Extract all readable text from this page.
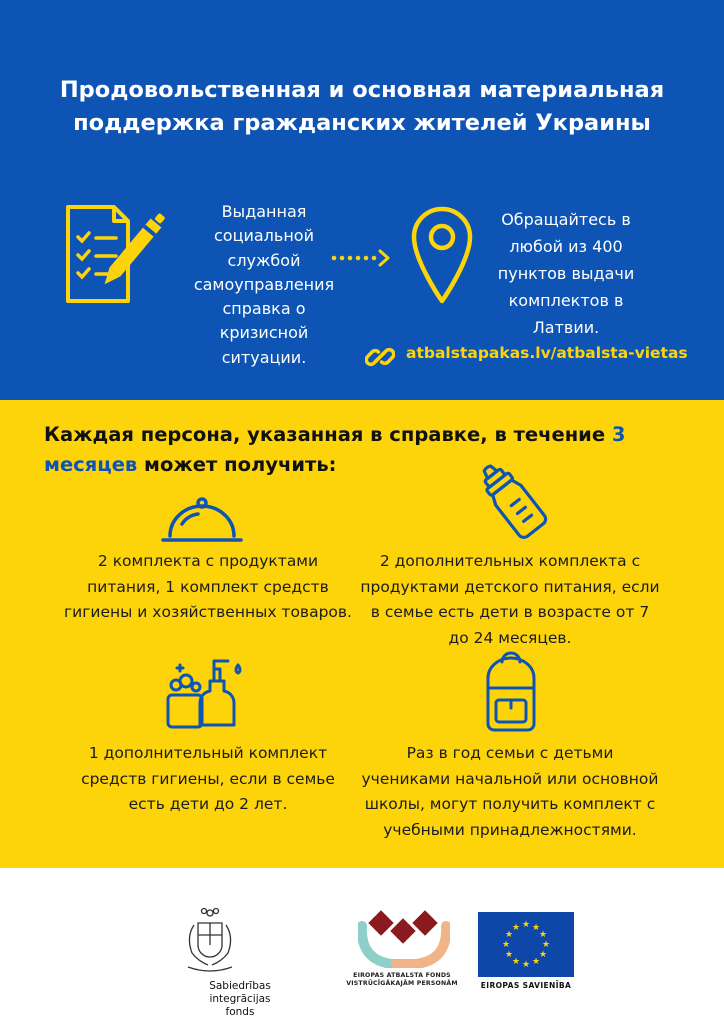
Продовольственная и основная материальная поддержка гражданских жителей Украины
Выданная социальной службой самоуправления справка о кризисной ситуации.
Обращайтесь в любой из 400 пунктов выдачи комплектов в Латвии.
atbalstapakas.lv/atbalsta-vietas
Каждая персона, указанная в справке, в течение 3 месяцев может получить:
2 комплекта с продуктами питания, 1 комплект средств гигиены и хозяйственных товаров.
2 дополнительных комплекта с продуктами детского питания, если в семье есть дети в возрасте от 7 до 24 месяцев.
1 дополнительный комплект средств гигиены, если в семье есть дети до 2 лет.
Раз в год семьи с детьми учениками начальной или основной школы, могут получить комплект с учебными принадлежностями.
Sabiedrības integrācijas
fonds
EIROPAS ATBALSTA FONDS
VISTRŪCĪGĀKAJĀM PERSONĀM
★ ★
★
★
★
★
★
★
★
★
★
★
EIROPAS SAVIENĪBA
